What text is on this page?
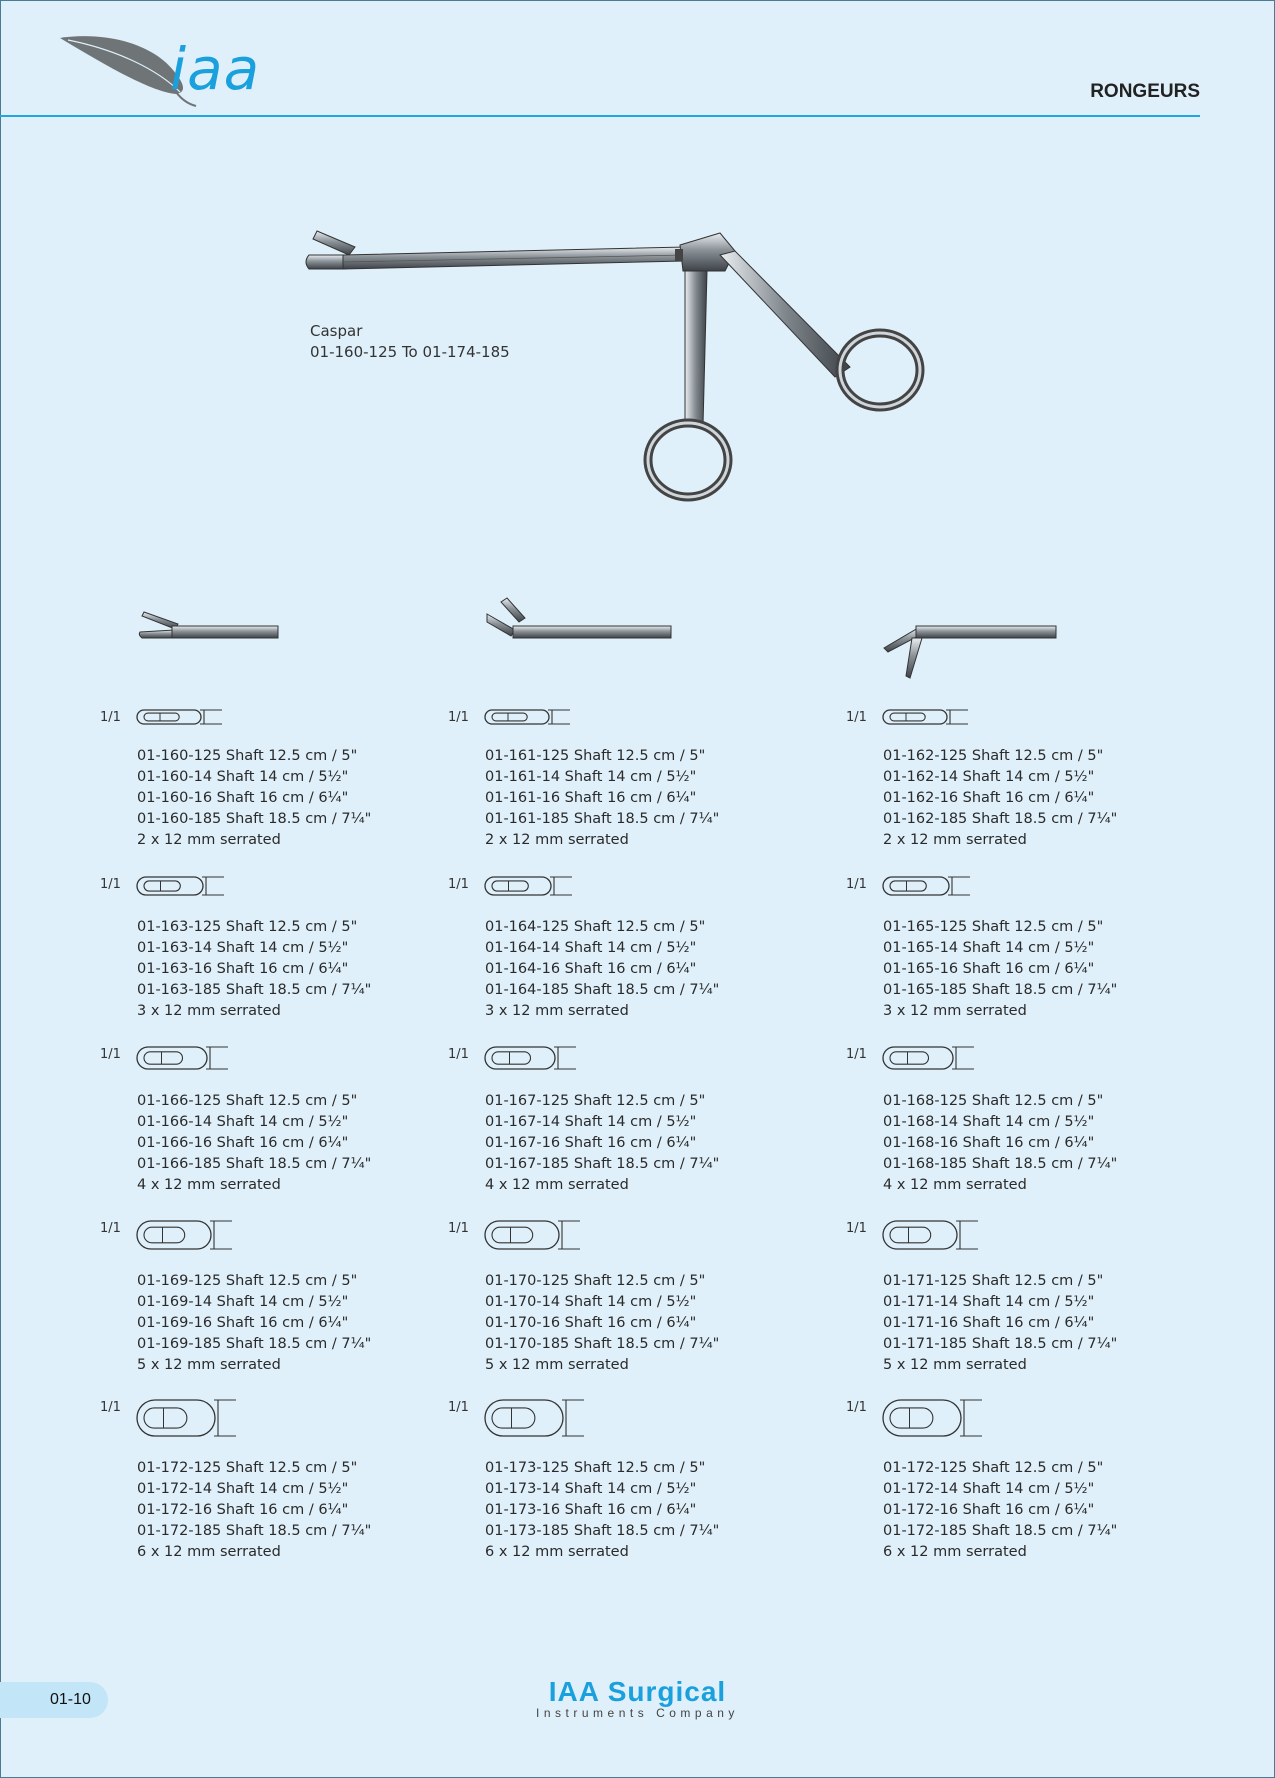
iaa	RONGEURS
Caspar
01-160-125 To 01-174-185
1/1
01-160-125 Shaft 12.5 cm / 5"
01-160-14 Shaft 14 cm / 5½"
01-160-16 Shaft 16 cm / 6¼"
01-160-185 Shaft 18.5 cm / 7¼"
2 x 12 mm serrated
1/1
01-161-125 Shaft 12.5 cm / 5"
01-161-14 Shaft 14 cm / 5½"
01-161-16 Shaft 16 cm / 6¼"
01-161-185 Shaft 18.5 cm / 7¼"
2 x 12 mm serrated
1/1
01-162-125 Shaft 12.5 cm / 5"
01-162-14 Shaft 14 cm / 5½"
01-162-16 Shaft 16 cm / 6¼"
01-162-185 Shaft 18.5 cm / 7¼"
2 x 12 mm serrated
1/1
01-163-125 Shaft 12.5 cm / 5"
01-163-14 Shaft 14 cm / 5½"
01-163-16 Shaft 16 cm / 6¼"
01-163-185 Shaft 18.5 cm / 7¼"
3 x 12 mm serrated
1/1
01-164-125 Shaft 12.5 cm / 5"
01-164-14 Shaft 14 cm / 5½"
01-164-16 Shaft 16 cm / 6¼"
01-164-185 Shaft 18.5 cm / 7¼"
3 x 12 mm serrated
1/1
01-165-125 Shaft 12.5 cm / 5"
01-165-14 Shaft 14 cm / 5½"
01-165-16 Shaft 16 cm / 6¼"
01-165-185 Shaft 18.5 cm / 7¼"
3 x 12 mm serrated
1/1
01-166-125 Shaft 12.5 cm / 5"
01-166-14 Shaft 14 cm / 5½"
01-166-16 Shaft 16 cm / 6¼"
01-166-185 Shaft 18.5 cm / 7¼"
4 x 12 mm serrated
1/1
01-167-125 Shaft 12.5 cm / 5"
01-167-14 Shaft 14 cm / 5½"
01-167-16 Shaft 16 cm / 6¼"
01-167-185 Shaft 18.5 cm / 7¼"
4 x 12 mm serrated
1/1
01-168-125 Shaft 12.5 cm / 5"
01-168-14 Shaft 14 cm / 5½"
01-168-16 Shaft 16 cm / 6¼"
01-168-185 Shaft 18.5 cm / 7¼"
4 x 12 mm serrated
1/1
01-169-125 Shaft 12.5 cm / 5"
01-169-14 Shaft 14 cm / 5½"
01-169-16 Shaft 16 cm / 6¼"
01-169-185 Shaft 18.5 cm / 7¼"
5 x 12 mm serrated
1/1
01-170-125 Shaft 12.5 cm / 5"
01-170-14 Shaft 14 cm / 5½"
01-170-16 Shaft 16 cm / 6¼"
01-170-185 Shaft 18.5 cm / 7¼"
5 x 12 mm serrated
1/1
01-171-125 Shaft 12.5 cm / 5"
01-171-14 Shaft 14 cm / 5½"
01-171-16 Shaft 16 cm / 6¼"
01-171-185 Shaft 18.5 cm / 7¼"
5 x 12 mm serrated
1/1
01-172-125 Shaft 12.5 cm / 5"
01-172-14 Shaft 14 cm / 5½"
01-172-16 Shaft 16 cm / 6¼"
01-172-185 Shaft 18.5 cm / 7¼"
6 x 12 mm serrated
1/1
01-173-125 Shaft 12.5 cm / 5"
01-173-14 Shaft 14 cm / 5½"
01-173-16 Shaft 16 cm / 6¼"
01-173-185 Shaft 18.5 cm / 7¼"
6 x 12 mm serrated
1/1
01-172-125 Shaft 12.5 cm / 5"
01-172-14 Shaft 14 cm / 5½"
01-172-16 Shaft 16 cm / 6¼"
01-172-185 Shaft 18.5 cm / 7¼"
6 x 12 mm serrated
01-10	IAA Surgical
Instruments Company
